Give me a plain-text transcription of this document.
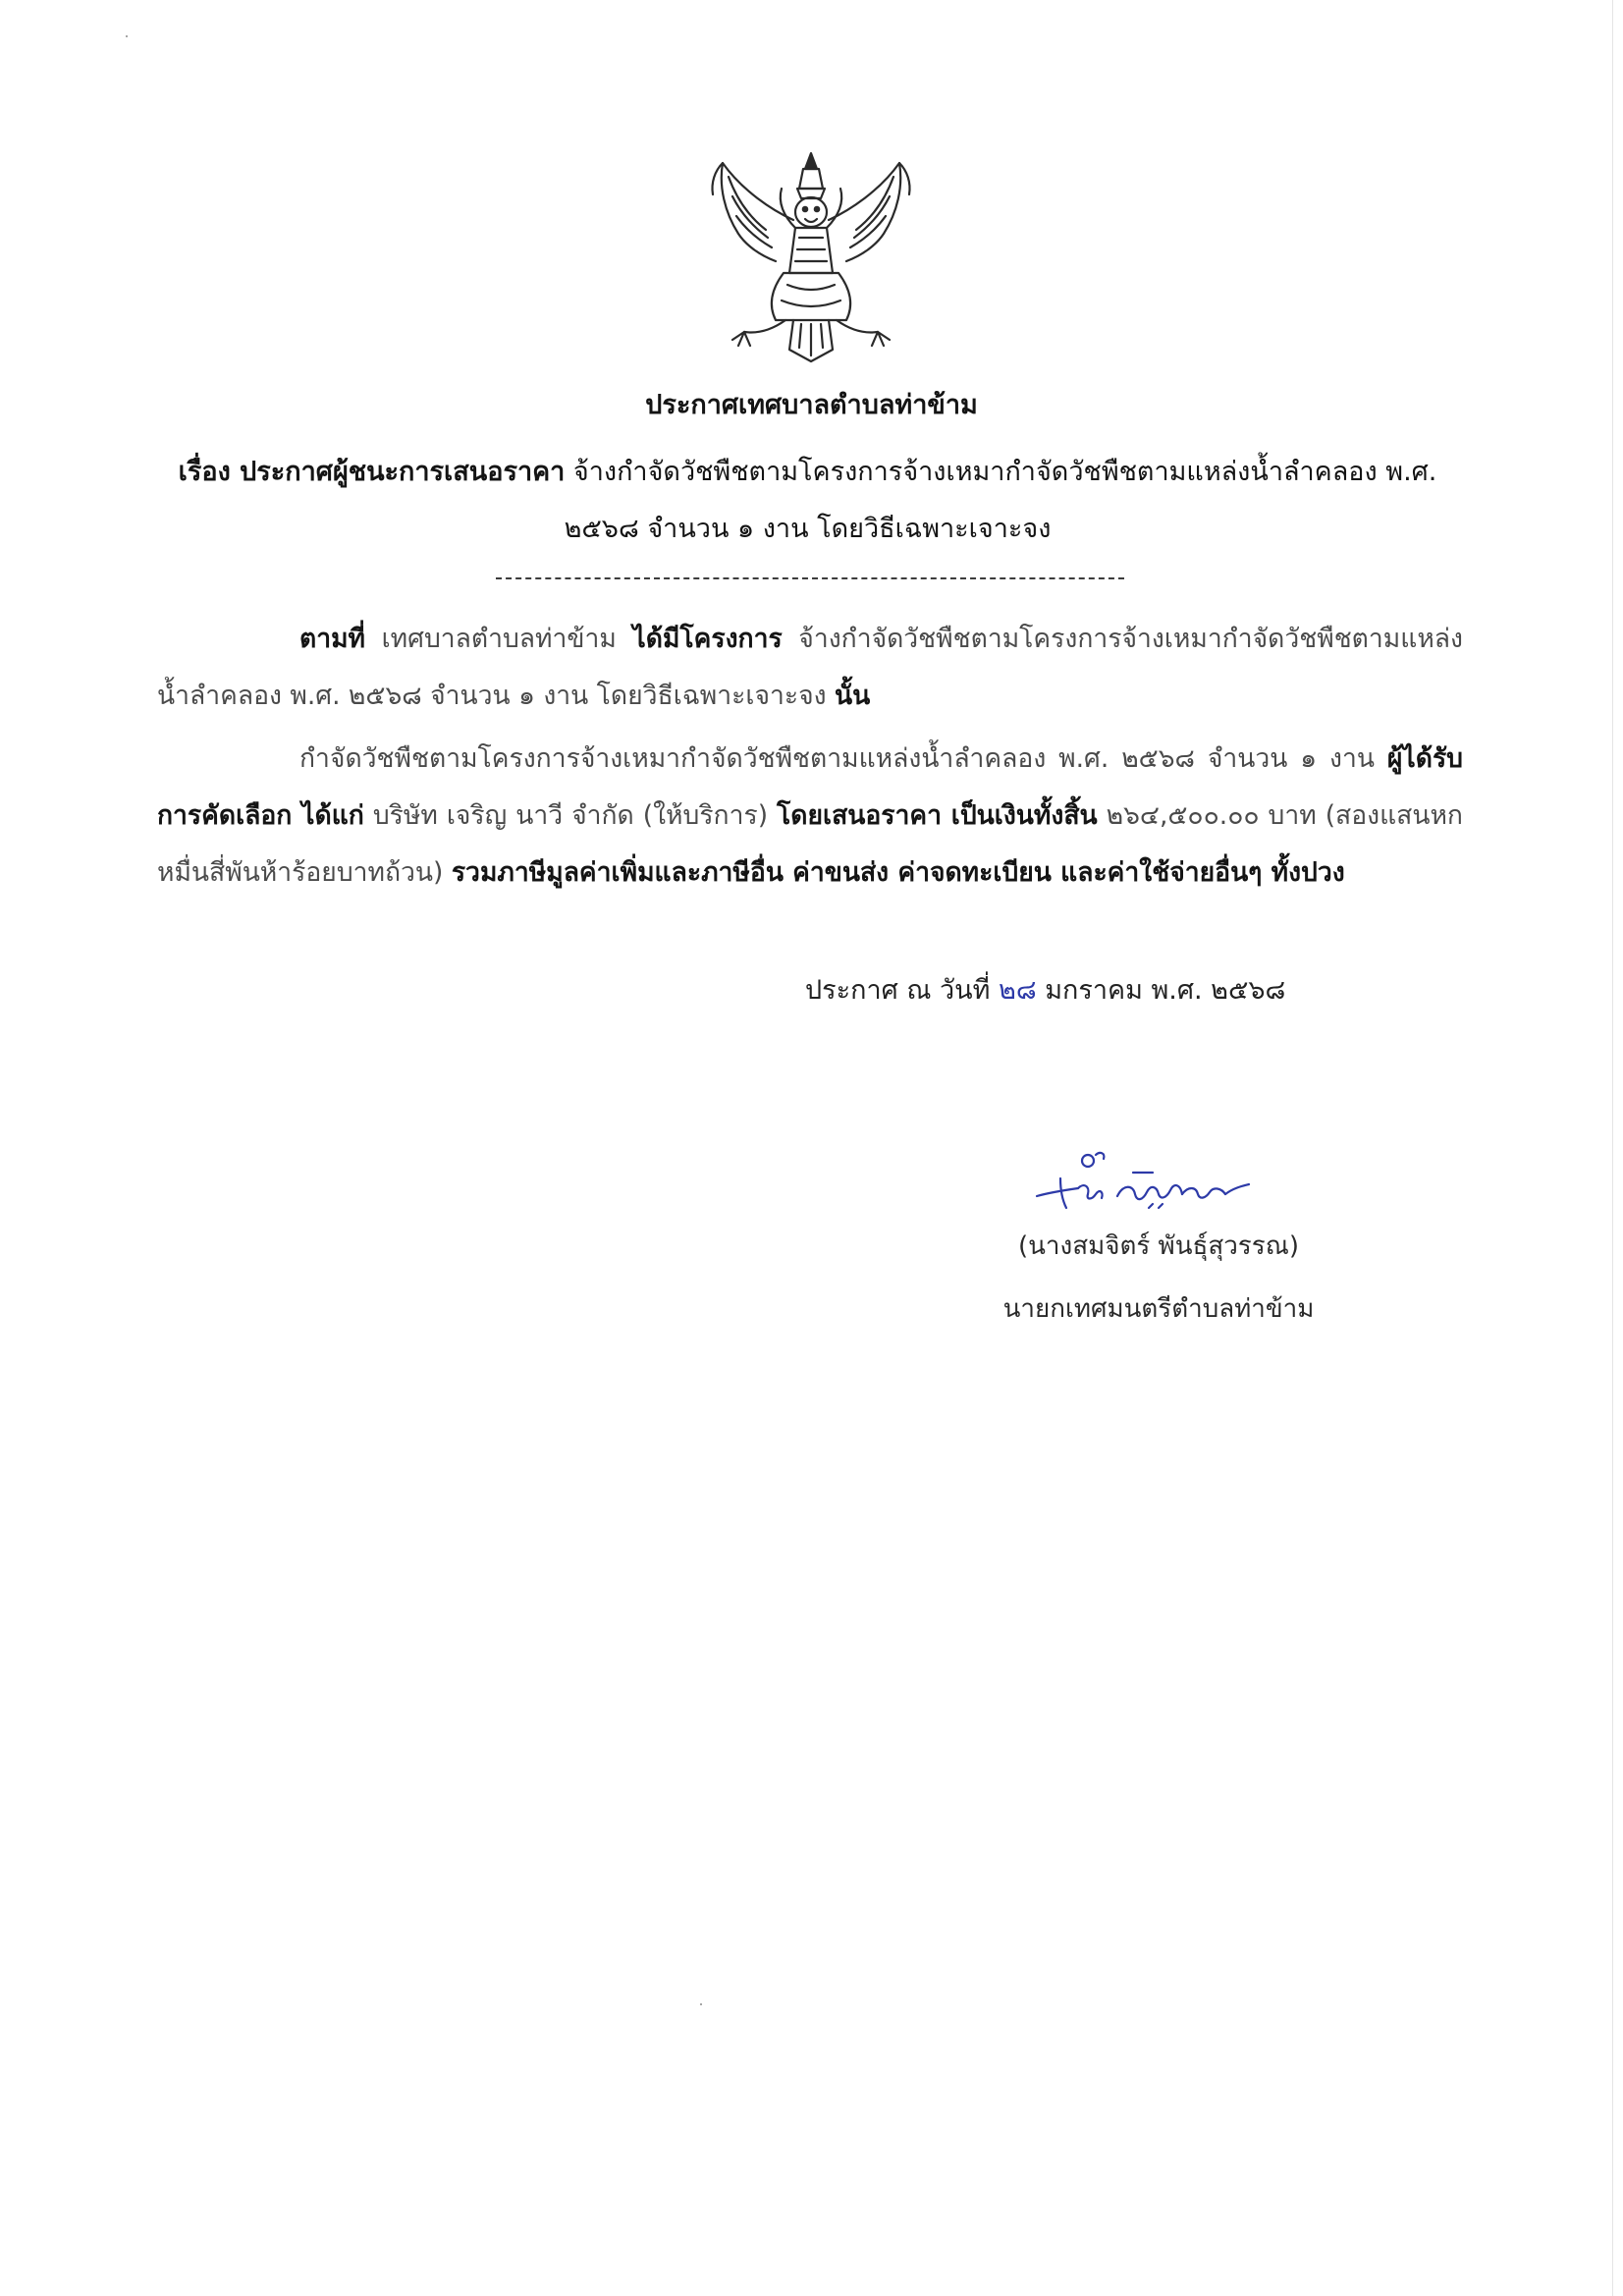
ประกาศเทศบาลตำบลท่าข้าม
เรื่อง ประกาศผู้ชนะการเสนอราคา จ้างกำจัดวัชพืชตามโครงการจ้างเหมากำจัดวัชพืชตามแหล่งน้ำลำคลอง พ.ศ. ๒๕๖๘ จำนวน ๑ งาน โดยวิธีเฉพาะเจาะจง
ตามที่ เทศบาลตำบลท่าข้าม ได้มีโครงการ จ้างกำจัดวัชพืชตามโครงการจ้างเหมากำจัดวัชพืชตามแหล่งน้ำลำคลอง พ.ศ. ๒๕๖๘ จำนวน ๑ งาน โดยวิธีเฉพาะเจาะจง นั้น
กำจัดวัชพืชตามโครงการจ้างเหมากำจัดวัชพืชตามแหล่งน้ำลำคลอง พ.ศ. ๒๕๖๘ จำนวน ๑ งาน ผู้ได้รับการคัดเลือก ได้แก่ บริษัท เจริญ นาวี จำกัด (ให้บริการ) โดยเสนอราคา เป็นเงินทั้งสิ้น ๒๖๔,๕๐๐.๐๐ บาท (สองแสนหกหมื่นสี่พันห้าร้อยบาทถ้วน) รวมภาษีมูลค่าเพิ่มและภาษีอื่น ค่าขนส่ง ค่าจดทะเบียน และค่าใช้จ่ายอื่นๆ ทั้งปวง
ประกาศ ณ วันที่ ๒๘ มกราคม พ.ศ. ๒๕๖๘
(นางสมจิตร์ พันธุ์สุวรรณ)
นายกเทศมนตรีตำบลท่าข้าม
